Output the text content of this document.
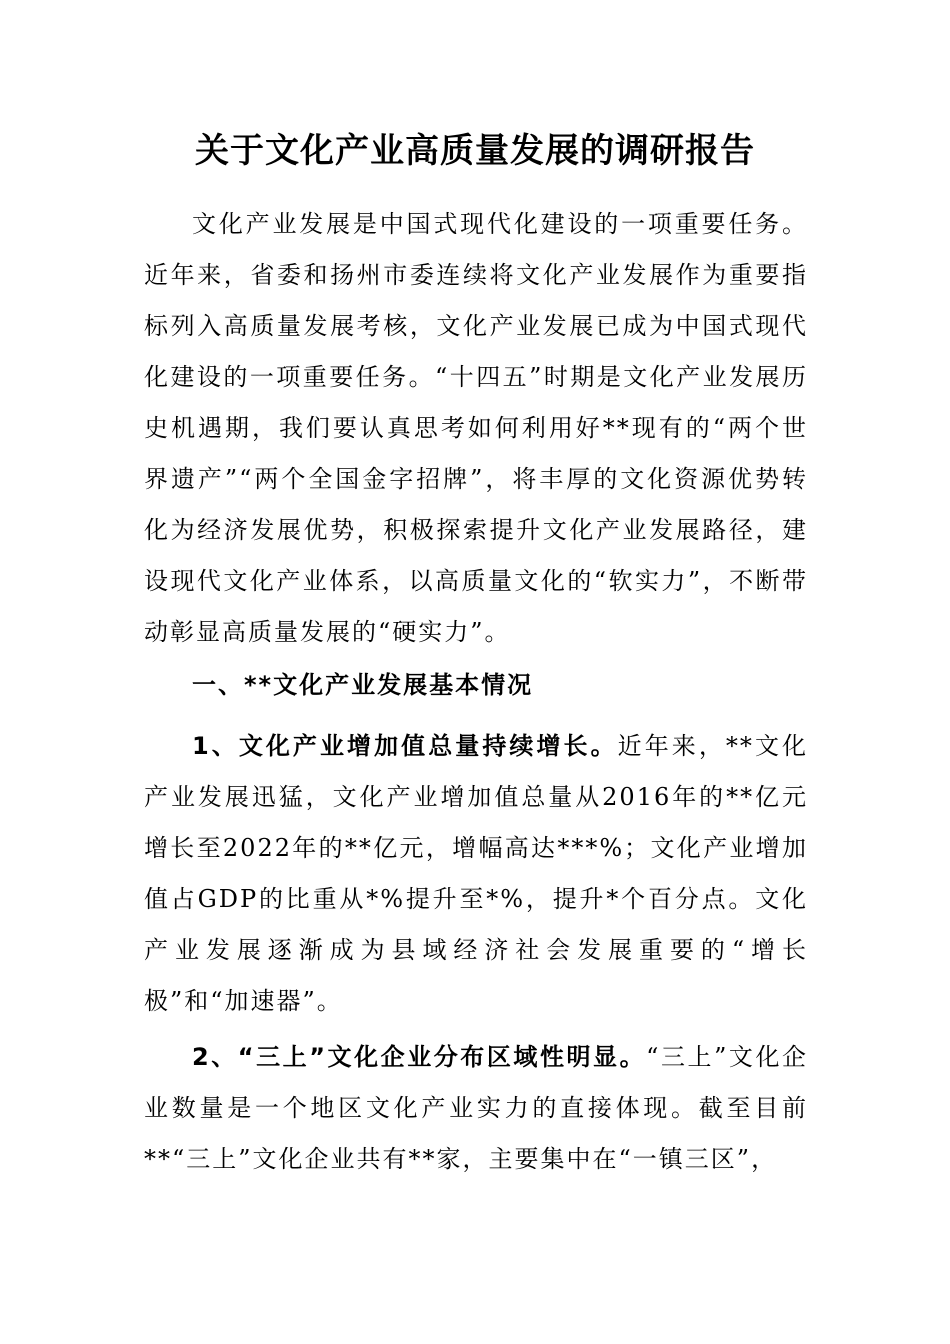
关于文化产业高质量发展的调研报告

文化产业发展是中国式现代化建设的一项重要任务。近年来，省委和扬州市委连续将文化产业发展作为重要指标列入高质量发展考核，文化产业发展已成为中国式现代化建设的一项重要任务。“十四五”时期是文化产业发展历史机遇期，我们要认真思考如何利用好**现有的“两个世界遗产”“两个全国金字招牌”，将丰厚的文化资源优势转化为经济发展优势，积极探索提升文化产业发展路径，建设现代文化产业体系，以高质量文化的“软实力”，不断带动彰显高质量发展的“硬实力”。

一、**文化产业发展基本情况

1、文化产业增加值总量持续增长。近年来，**文化产业发展迅猛，文化产业增加值总量从2016年的**亿元增长至2022年的**亿元，增幅高达***%；文化产业增加值占GDP的比重从*%提升至*%，提升*个百分点。文化产业发展逐渐成为县域经济社会发展重要的“增长极”和“加速器”。

2、“三上”文化企业分布区域性明显。“三上”文化企业数量是一个地区文化产业实力的直接体现。截至目前**“三上”文化企业共有**家，主要集中在“一镇三区”，
